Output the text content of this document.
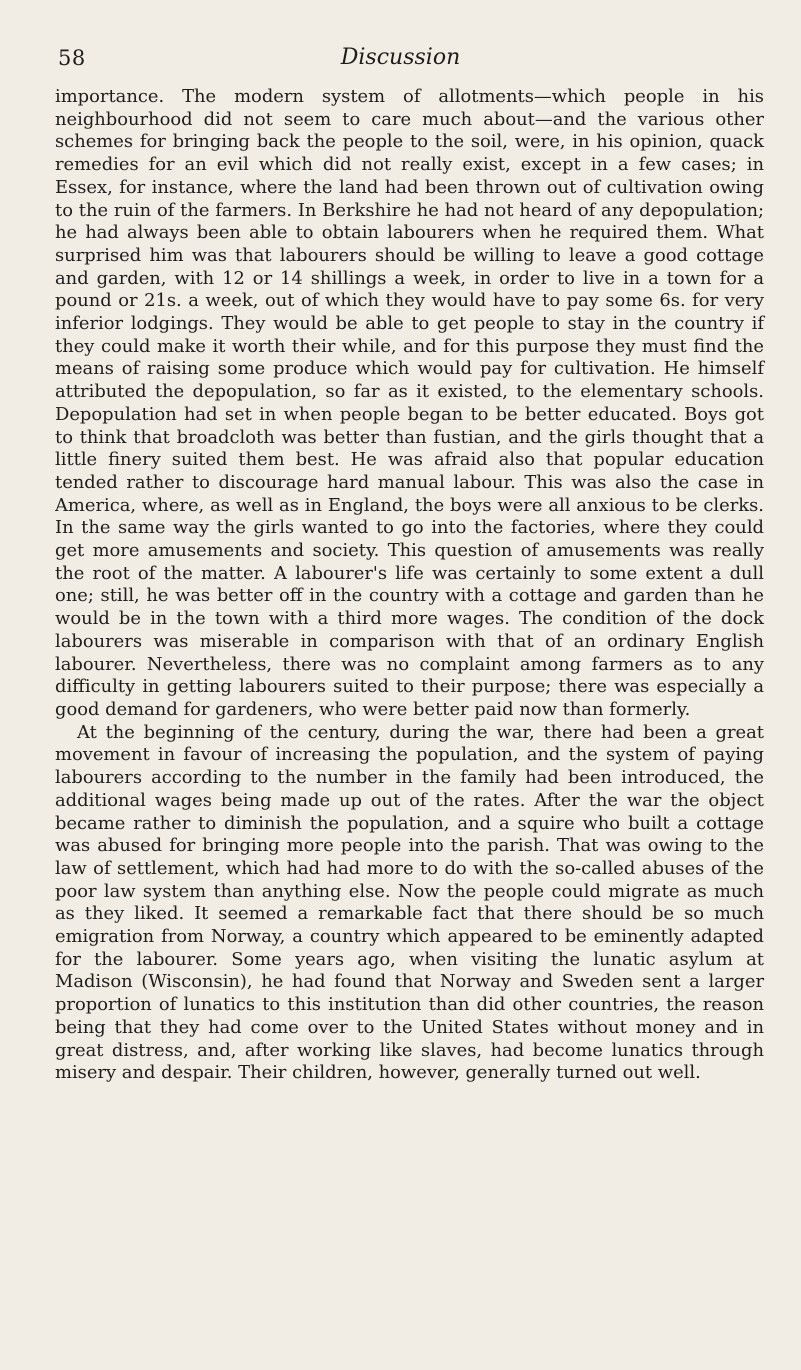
58	Discussion

importance. The modern system of allotments—which people in his neighbourhood did not seem to care much about—and the various other schemes for bringing back the people to the soil, were, in his opinion, quack remedies for an evil which did not really exist, except in a few cases; in Essex, for instance, where the land had been thrown out of cultivation owing to the ruin of the farmers. In Berkshire he had not heard of any depopulation; he had always been able to obtain labourers when he required them. What surprised him was that labourers should be willing to leave a good cottage and garden, with 12 or 14 shillings a week, in order to live in a town for a pound or 21s. a week, out of which they would have to pay some 6s. for very inferior lodgings. They would be able to get people to stay in the country if they could make it worth their while, and for this purpose they must find the means of raising some produce which would pay for cultivation. He himself attributed the depopulation, so far as it existed, to the elementary schools. Depopulation had set in when people began to be better educated. Boys got to think that broadcloth was better than fustian, and the girls thought that a little finery suited them best. He was afraid also that popular education tended rather to discourage hard manual labour. This was also the case in America, where, as well as in England, the boys were all anxious to be clerks. In the same way the girls wanted to go into the factories, where they could get more amusements and society. This question of amusements was really the root of the matter. A labourer's life was certainly to some extent a dull one; still, he was better off in the country with a cottage and garden than he would be in the town with a third more wages. The condition of the dock labourers was miserable in comparison with that of an ordinary English labourer. Nevertheless, there was no complaint among farmers as to any difficulty in getting labourers suited to their purpose; there was especially a good demand for gardeners, who were better paid now than formerly.

At the beginning of the century, during the war, there had been a great movement in favour of increasing the population, and the system of paying labourers according to the number in the family had been introduced, the additional wages being made up out of the rates. After the war the object became rather to diminish the population, and a squire who built a cottage was abused for bringing more people into the parish. That was owing to the law of settlement, which had had more to do with the so-called abuses of the poor law system than anything else. Now the people could migrate as much as they liked. It seemed a remarkable fact that there should be so much emigration from Norway, a country which appeared to be eminently adapted for the labourer. Some years ago, when visiting the lunatic asylum at Madison (Wisconsin), he had found that Norway and Sweden sent a larger proportion of lunatics to this institution than did other countries, the reason being that they had come over to the United States without money and in great distress, and, after working like slaves, had become lunatics through misery and despair. Their children, however, generally turned out well.
